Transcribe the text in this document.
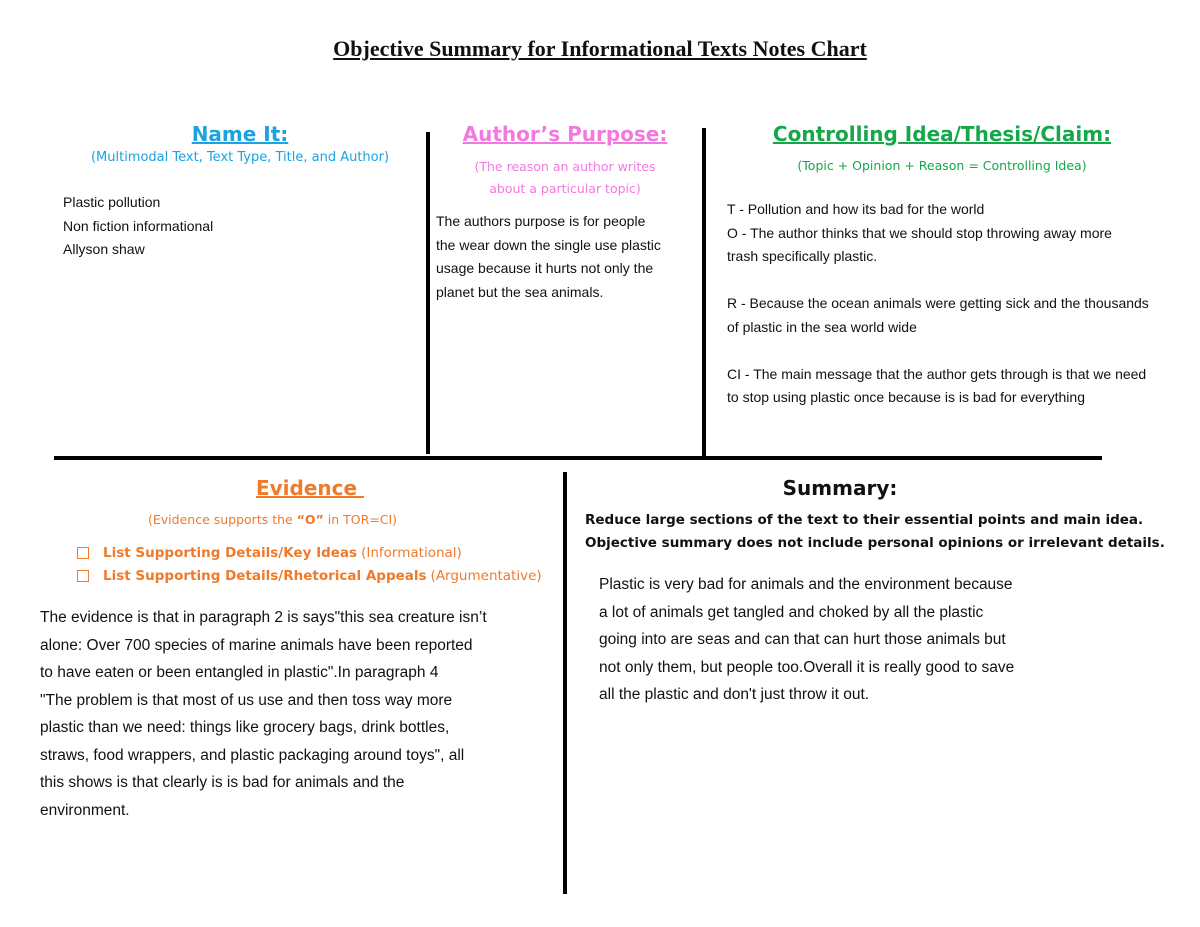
Objective Summary for Informational Texts Notes Chart
Name It:
(Multimodal Text, Text Type, Title, and Author)

Plastic pollution

Non fiction informational

Allyson shaw

Author’s Purpose:
(The reason an author writes
about a particular topic)

The authors purpose is for people

the wear down the single use plastic

usage because it hurts not only the

planet but the sea animals.

Controlling Idea/Thesis/Claim:
(Topic + Opinion + Reason = Controlling Idea)

T - Pollution and how its bad for the world

O - The author thinks that we should stop throwing away more

trash specifically plastic.

R - Because the ocean animals were getting sick and the thousands

of plastic in the sea world wide

CI - The main message that the author gets through is that we need

to stop using plastic once because is is bad for everything

Evidence
(Evidence supports the “O” in TOR=CI)
List Supporting Details/Key Ideas (Informational)
List Supporting Details/Rhetorical Appeals (Argumentative)

The evidence is that in paragraph 2 is says"this sea creature isn’t

alone: Over 700 species of marine animals have been reported

to have eaten or been entangled in plastic".In paragraph 4

"The problem is that most of us use and then toss way more

plastic than we need: things like grocery bags, drink bottles,

straws, food wrappers, and plastic packaging around toys", all

this shows is that clearly is is bad for animals and the

environment.

Summary:

Reduce large sections of the text to their essential points and main idea.

Objective summary does not include personal opinions or irrelevant details.

Plastic is very bad for animals and the environment because

a lot of animals get tangled and choked by all the plastic

going into are seas and can that can hurt those animals but

not only them, but people too.Overall it is really good to save

all the plastic and don't just throw it out.
